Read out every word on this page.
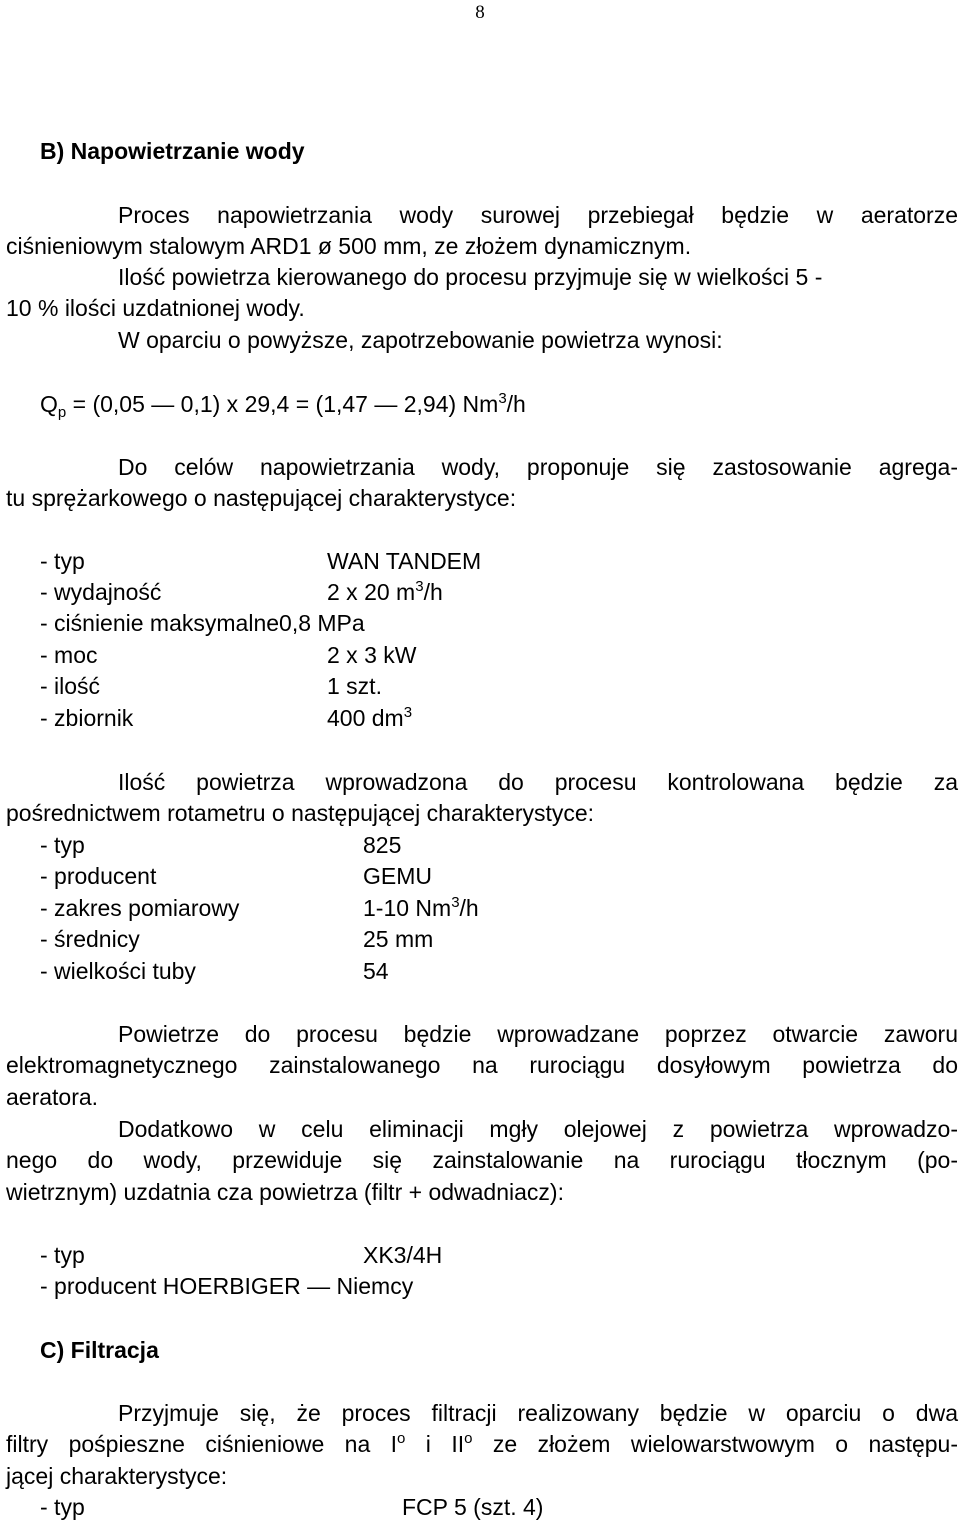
8
B) Napowietrzanie wody
Proces napowietrzania wody surowej przebiegał będzie w aeratorze
ciśnieniowym stalowym ARD1 ø 500 mm, ze złożem dynamicznym.
Ilość powietrza kierowanego do procesu przyjmuje się w wielkości 5 -
10 % ilości uzdatnionej wody.
W oparciu o powyższe, zapotrzebowanie powietrza wynosi:
$Q_p = (0,05$ — 0,1) x 29,4 = (1,47 — 2,94) Nm$^3$/h
Do celów napowietrzania wody, proponuje się zastosowanie agrega-
tu sprężarkowego o następującej charakterystyce:
- typ	WAN TANDEM
- wydajność	2 x 20 $m^3/h$
- ciśnienie maksymalne0,8 MPa
- moc	2 x 3 kW
- ilość	1 szt.
- zbiornik	400 $dm^3$
Ilość powietrza wprowadzona do procesu kontrolowana będzie za
pośrednictwem rotametru o następującej charakterystyce:
- typ	825
- producent	GEMU
- zakres pomiarowy	1-10 Nm$^3$/h
- średnicy	25 mm
- wielkości tuby	54
Powietrze do procesu będzie wprowadzane poprzez otwarcie zaworu
elektromagnetycznego zainstalowanego na rurociągu dosyłowym powietrza do
aeratora.
Dodatkowo w celu eliminacji mgły olejowej z powietrza wprowadzo-
nego do wody, przewiduje się zainstalowanie na rurociągu tłocznym (po-
wietrznym) uzdatnia cza powietrza (filtr + odwadniacz):
- typ	XK3/4H
- producent HOERBIGER — Niemcy
C) Filtracja
Przyjmuje się, że proces filtracji realizowany będzie w oparciu o dwa
filtry pośpieszne ciśnieniowe na $I^o$ i $II^o$ ze złożem wielowarstwowym o następu-
jącej charakterystyce:
- typ	FCP 5 (szt. 4)
